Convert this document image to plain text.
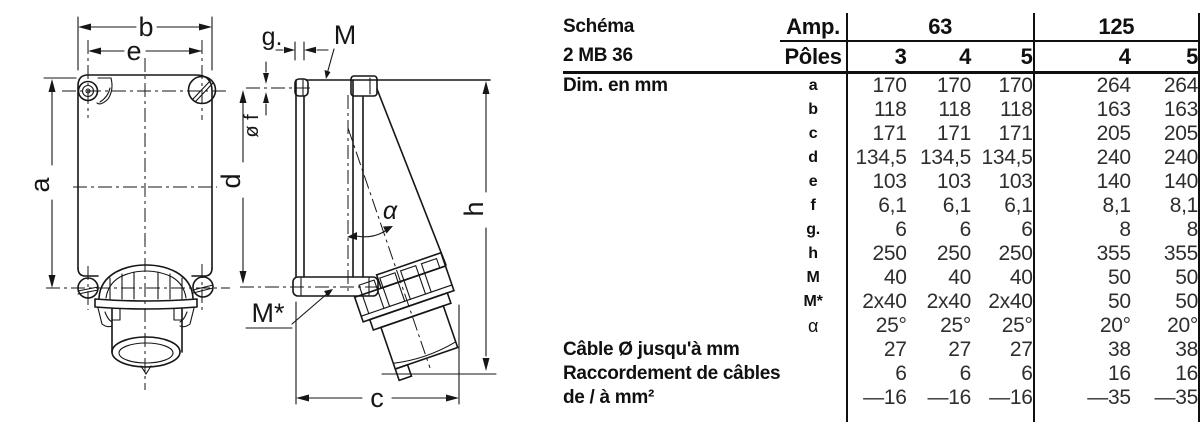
b
e
a
g. M
ø f
d
M*
α h
c
Schéma	Amp.	63			125	
2 MB 36	Pôles	3	4	5	4	5
Dim. en mm	a	170	170	170	264	264
	b	118	118	118	163	163
	c	171	171	171	205	205
	d	134,5	134,5	134,5	240	240
	e	103	103	103	140	140
	f	6,1	6,1	6,1	8,1	8,1
	g.	6	6	6	8	8
	h	250	250	250	355	355
	M	40	40	40	50	50
	M*	2x40	2x40	2x40	50	50
	α	25°	25°	25°	20°	20°
Câble Ø jusqu'à mm		27	27	27	38	38
Raccordement de câbles		6	6	6	16	16
de / à mm²		—16	—16	—16	—35	—35
